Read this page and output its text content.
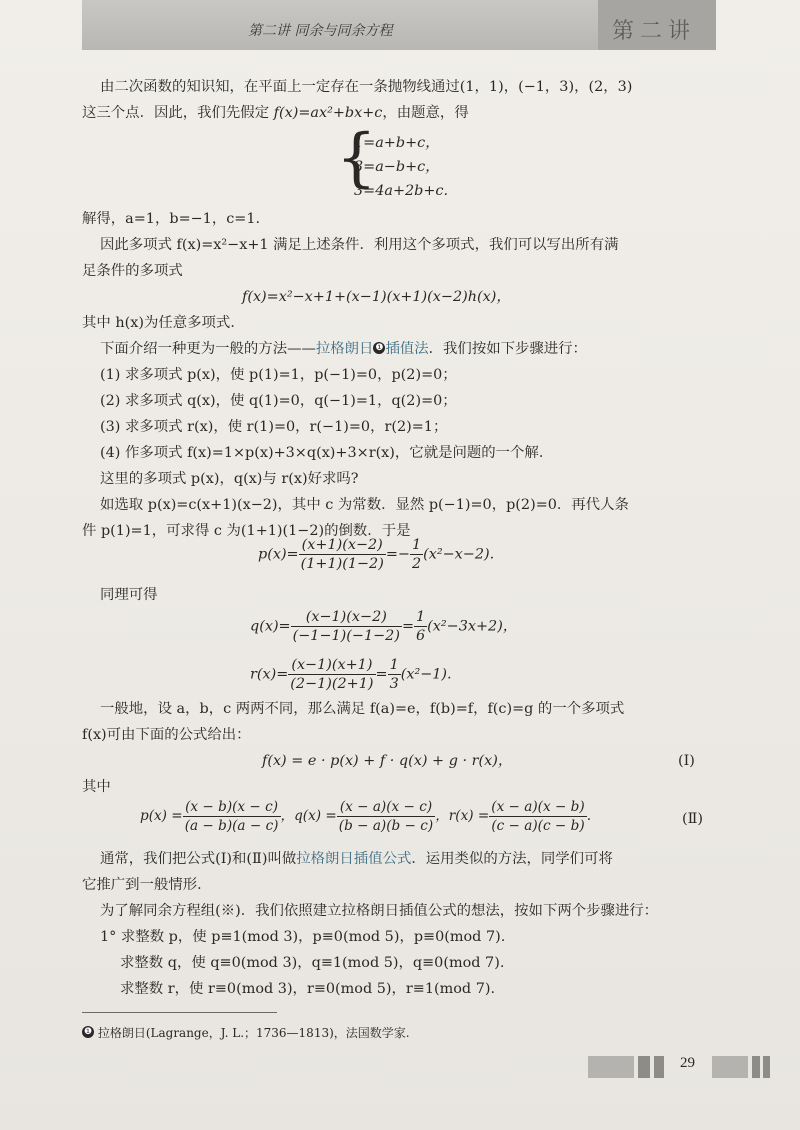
第二讲 同余与同余方程	第二讲
由二次函数的知识知，在平面上一定存在一条抛物线通过(1，1)，(−1，3)，(2，3)
这三个点．因此，我们先假定 f(x)=ax²+bx+c，由题意，得
{
1=a+b+c，
3=a−b+c，
3=4a+2b+c.
解得，a=1，b=−1，c=1.
因此多项式 f(x)=x²−x+1 满足上述条件．利用这个多项式，我们可以写出所有满
足条件的多项式
f(x)=x²−x+1+(x−1)(x+1)(x−2)h(x)，
其中 h(x)为任意多项式．
下面介绍一种更为一般的方法——拉格朗日 ❶ 插值法．我们按如下步骤进行：
(1) 求多项式 p(x)，使 p(1)=1，p(−1)=0，p(2)=0；
(2) 求多项式 q(x)，使 q(1)=0，q(−1)=1，q(2)=0；
(3) 求多项式 r(x)，使 r(1)=0，r(−1)=0，r(2)=1；
(4) 作多项式 f(x)=1×p(x)+3×q(x)+3×r(x)，它就是问题的一个解．
这里的多项式 p(x)，q(x)与 r(x)好求吗?
如选取 p(x)=c(x+1)(x−2)，其中 c 为常数．显然 p(−1)=0，p(2)=0．再代人条
件 p(1)=1，可求得 c 为(1+1)(1−2)的倒数．于是
$p(x)= \frac{(x+1)(x-2)}{(1+1)(1-2)} =- \frac{1}{2} (x^2-x-2)$.
同理可得
$q(x)= \frac{(x-1)(x-2)}{(-1-1)(-1-2)} = \frac{1}{6} (x^2-3x+2)$，
$r(x)= \frac{(x-1)(x+1)}{(2-1)(2+1)} = \frac{1}{3} (x^2-1)$.
一般地，设 a，b，c 两两不同，那么满足 f(a)=e，f(b)=f，f(c)=g 的一个多项式
f(x)可由下面的公式给出：
f(x) = e · p(x) + f · q(x) + g · r(x)，	(Ⅰ)
其中
$p(x) = \frac{(x - b)(x - c)}{(a - b)(a - c)}$ ，$q(x) = \frac{(x - a)(x - c)}{(b - a)(b - c)}$ ，$r(x) = \frac{(x - a)(x - b)}{(c - a)(c - b)}$ .	(Ⅱ)
通常，我们把公式(Ⅰ)和(Ⅱ)叫做拉格朗日插值公式．运用类似的方法，同学们可将
它推广到一般情形．
为了解同余方程组(※)．我们依照建立拉格朗日插值公式的想法，按如下两个步骤进行：
1° 求整数 p，使 p≡1(mod 3)，p≡0(mod 5)，p≡0(mod 7).
求整数 q，使 q≡0(mod 3)，q≡1(mod 5)，q≡0(mod 7).
求整数 r，使 r≡0(mod 3)，r≡0(mod 5)，r≡1(mod 7).
❶ 拉格朗日(Lagrange，J. L.；1736—1813)，法国数学家.
29
